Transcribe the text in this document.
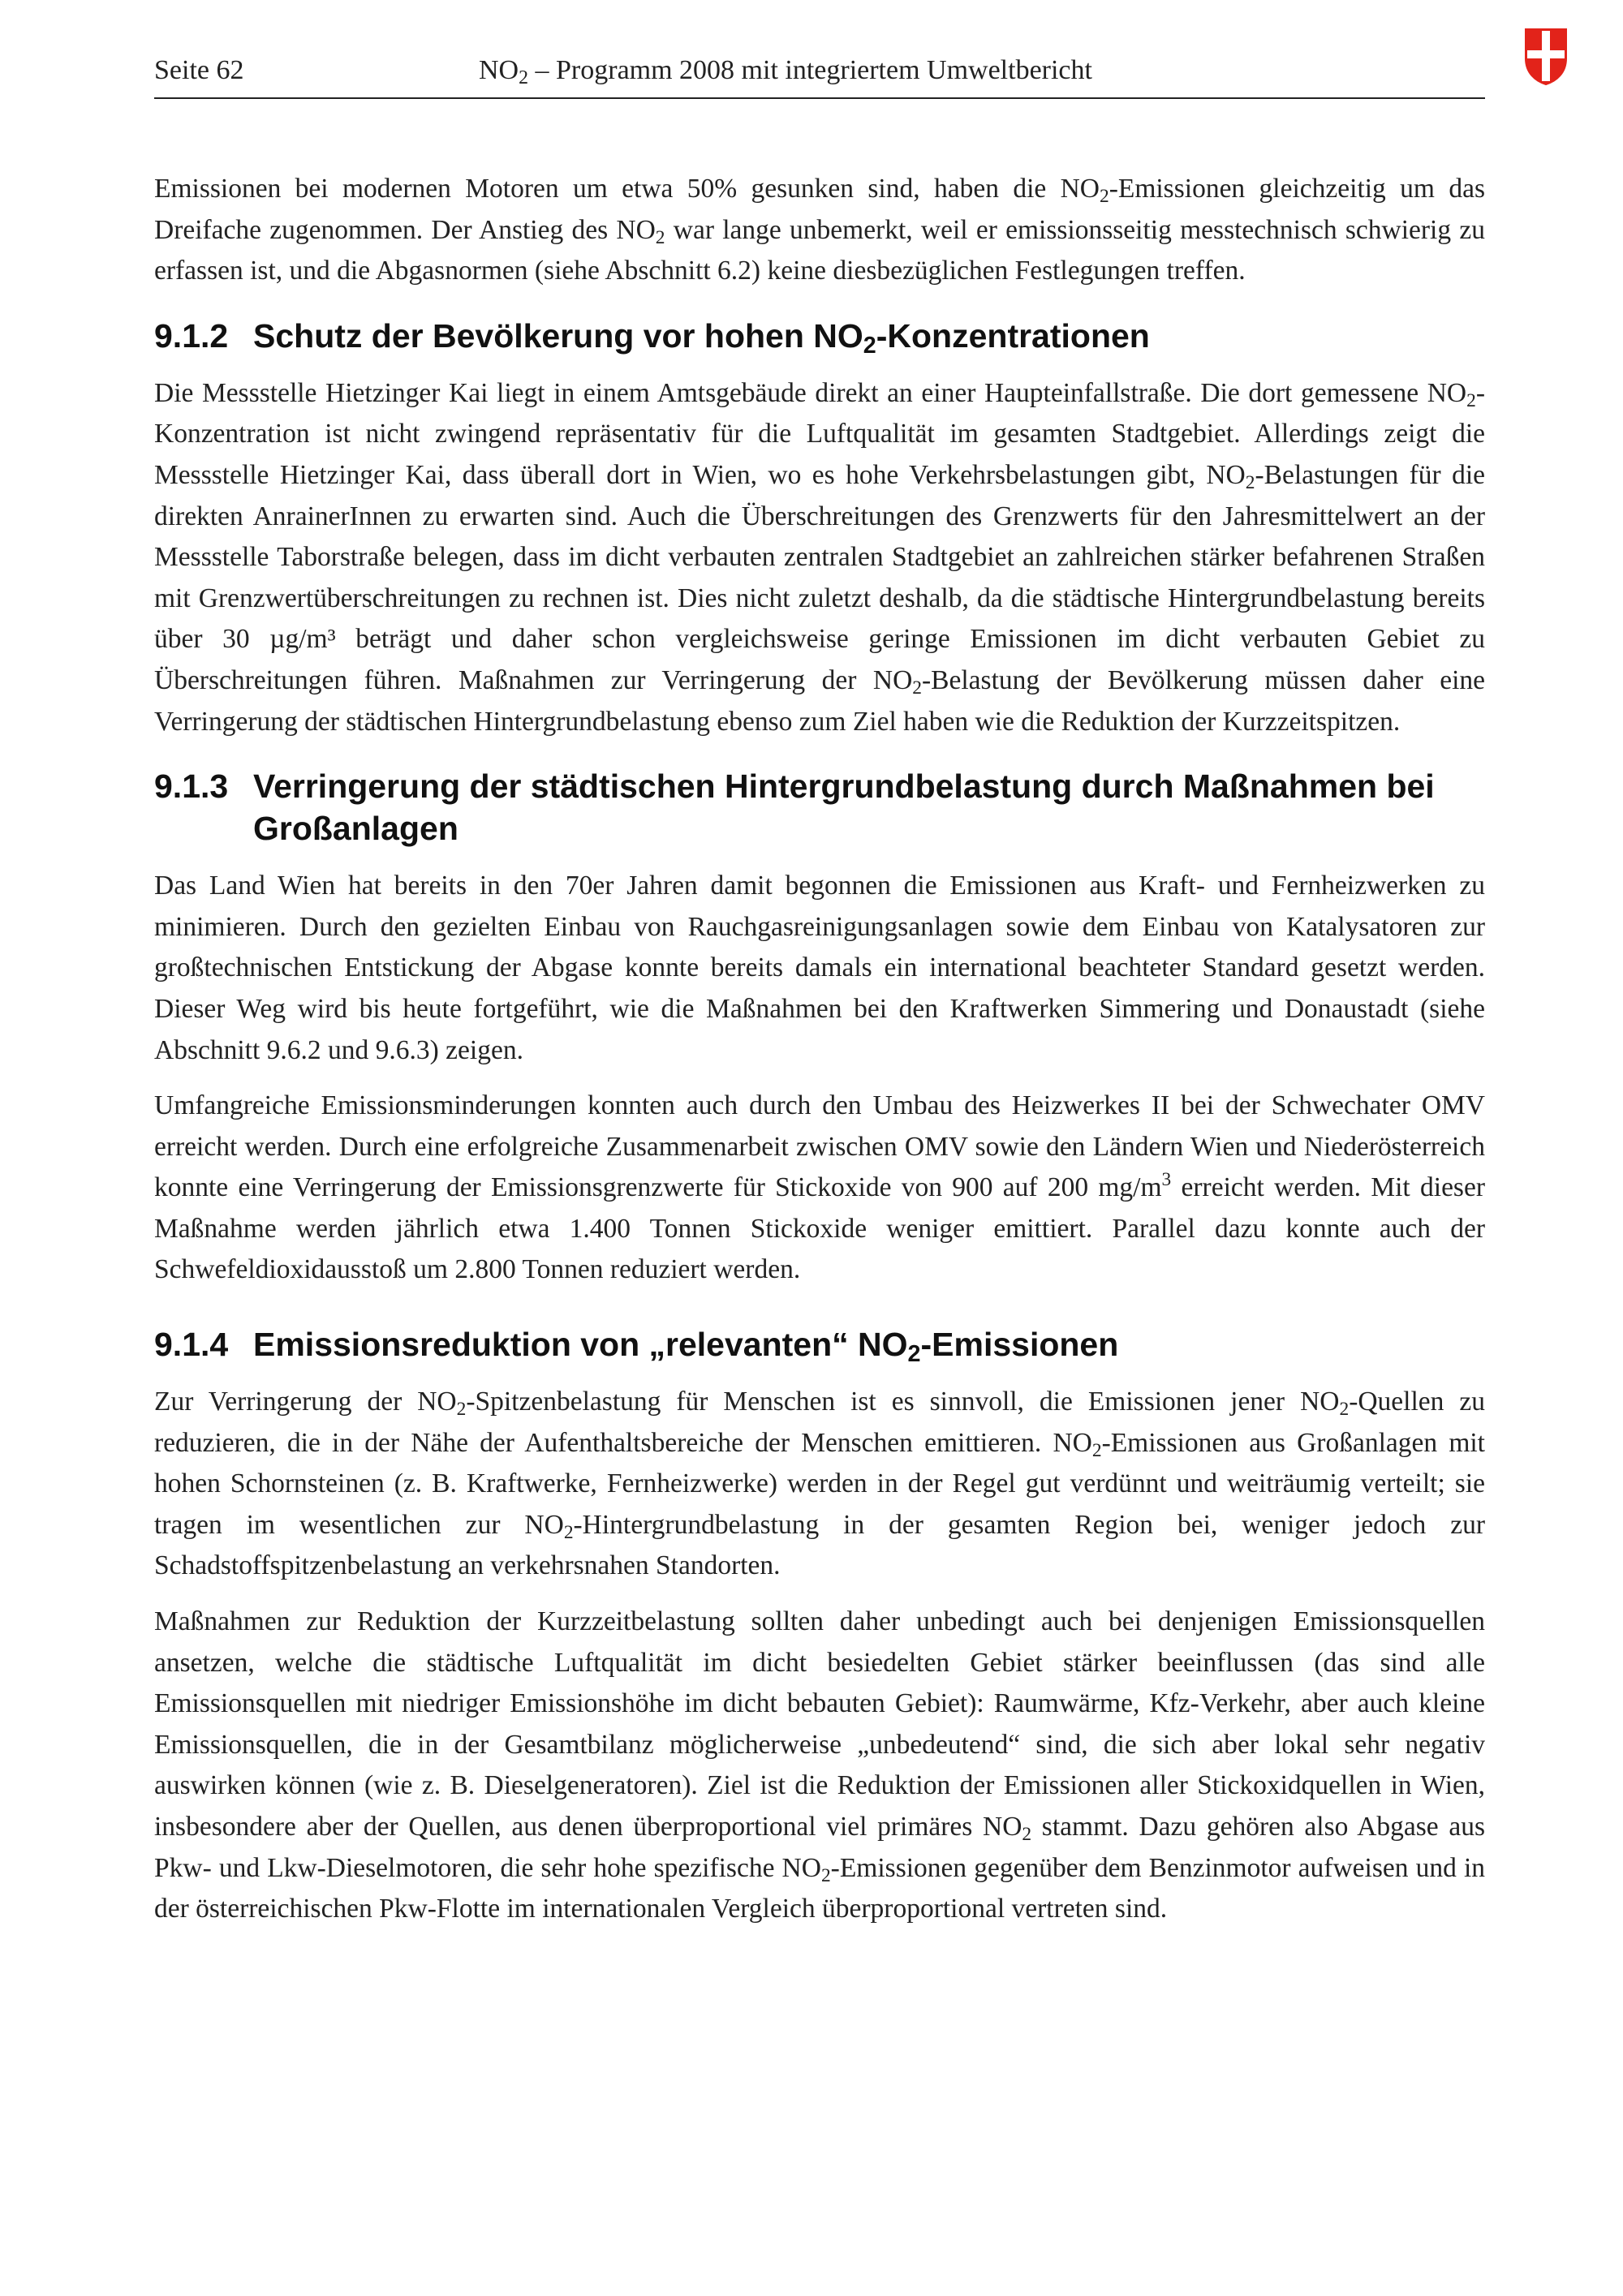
Seite 62	$NO_2$ – Programm 2008 mit integriertem Umweltbericht

Emissionen bei modernen Motoren um etwa 50% gesunken sind, haben die $NO_2$-Emissionen gleichzeitig um das Dreifache zugenommen. Der Anstieg des $NO_2$ war lange unbemerkt, weil er emissionsseitig messtechnisch schwierig zu erfassen ist, und die Abgasnormen (siehe Abschnitt 6.2) keine diesbezüglichen Festlegungen treffen.

9.1.2 Schutz der Bevölkerung vor hohen $NO_2$-Konzentrationen

Die Messstelle Hietzinger Kai liegt in einem Amtsgebäude direkt an einer Haupteinfallstraße. Die dort gemessene $NO_2$-Konzentration ist nicht zwingend repräsentativ für die Luftqualität im gesamten Stadtgebiet. Allerdings zeigt die Messstelle Hietzinger Kai, dass überall dort in Wien, wo es hohe Verkehrsbelastungen gibt, $NO_2$-Belastungen für die direkten AnrainerInnen zu erwarten sind. Auch die Überschreitungen des Grenzwerts für den Jahresmittelwert an der Messstelle Taborstraße belegen, dass im dicht verbauten zentralen Stadtgebiet an zahlreichen stärker befahrenen Straßen mit Grenzwertüberschreitungen zu rechnen ist. Dies nicht zuletzt deshalb, da die städtische Hintergrundbelastung bereits über 30 µg/m³ beträgt und daher schon vergleichsweise geringe Emissionen im dicht verbauten Gebiet zu Überschreitungen führen. Maßnahmen zur Verringerung der $NO_2$-Belastung der Bevölkerung müssen daher eine Verringerung der städtischen Hintergrundbelastung ebenso zum Ziel haben wie die Reduktion der Kurzzeitspitzen.

9.1.3 Verringerung der städtischen Hintergrundbelastung durch Maßnahmen bei Großanlagen

Das Land Wien hat bereits in den 70er Jahren damit begonnen die Emissionen aus Kraft- und Fernheizwerken zu minimieren. Durch den gezielten Einbau von Rauchgasreinigungsanlagen sowie dem Einbau von Katalysatoren zur großtechnischen Entstickung der Abgase konnte bereits damals ein international beachteter Standard gesetzt werden. Dieser Weg wird bis heute fortgeführt, wie die Maßnahmen bei den Kraftwerken Simmering und Donaustadt (siehe Abschnitt 9.6.2 und 9.6.3) zeigen.

Umfangreiche Emissionsminderungen konnten auch durch den Umbau des Heizwerkes II bei der Schwechater OMV erreicht werden. Durch eine erfolgreiche Zusammenarbeit zwischen OMV sowie den Ländern Wien und Niederösterreich konnte eine Verringerung der Emissionsgrenzwerte für Stickoxide von 900 auf 200 $mg/m^3$ erreicht werden. Mit dieser Maßnahme werden jährlich etwa 1.400 Tonnen Stickoxide weniger emittiert. Parallel dazu konnte auch der Schwefeldioxidausstoß um 2.800 Tonnen reduziert werden.

9.1.4 Emissionsreduktion von „relevanten“ $NO_2$-Emissionen

Zur Verringerung der $NO_2$-Spitzenbelastung für Menschen ist es sinnvoll, die Emissionen jener $NO_2$-Quellen zu reduzieren, die in der Nähe der Aufenthaltsbereiche der Menschen emittieren. $NO_2$-Emissionen aus Großanlagen mit hohen Schornsteinen (z. B. Kraftwerke, Fernheizwerke) werden in der Regel gut verdünnt und weiträumig verteilt; sie tragen im wesentlichen zur $NO_2$-Hintergrundbelastung in der gesamten Region bei, weniger jedoch zur Schadstoffspitzenbelastung an verkehrsnahen Standorten.

Maßnahmen zur Reduktion der Kurzzeitbelastung sollten daher unbedingt auch bei denjenigen Emissionsquellen ansetzen, welche die städtische Luftqualität im dicht besiedelten Gebiet stärker beeinflussen (das sind alle Emissionsquellen mit niedriger Emissionshöhe im dicht bebauten Gebiet): Raumwärme, Kfz-Verkehr, aber auch kleine Emissionsquellen, die in der Gesamtbilanz möglicherweise „unbedeutend“ sind, die sich aber lokal sehr negativ auswirken können (wie z. B. Dieselgeneratoren). Ziel ist die Reduktion der Emissionen aller Stickoxidquellen in Wien, insbesondere aber der Quellen, aus denen überproportional viel primäres $NO_2$ stammt. Dazu gehören also Abgase aus Pkw- und Lkw-Dieselmotoren, die sehr hohe spezifische $NO_2$-Emissionen gegenüber dem Benzinmotor aufweisen und in der österreichischen Pkw-Flotte im internationalen Vergleich überproportional vertreten sind.
